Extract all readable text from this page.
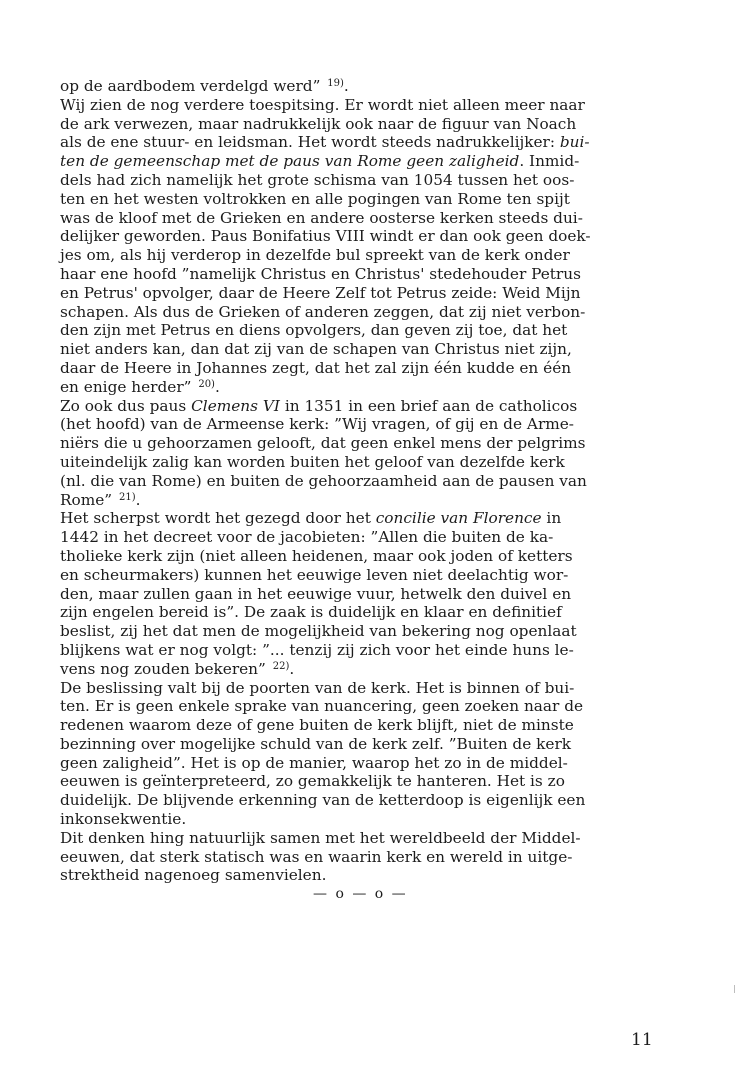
op de aardbodem verdelgd werd” $^{19)}$.
Wij zien de nog verdere toespitsing. Er wordt niet alleen meer naar
de ark verwezen, maar nadrukkelijk ook naar de figuur van Noach
als de ene stuur- en leidsman. Het wordt steeds nadrukkelijker: bui-
ten de gemeenschap met de paus van Rome geen zaligheid. Inmid-
dels had zich namelijk het grote schisma van 1054 tussen het oos-
ten en het westen voltrokken en alle pogingen van Rome ten spijt
was de kloof met de Grieken en andere oosterse kerken steeds dui-
delijker geworden. Paus Bonifatius VIII windt er dan ook geen doek-
jes om, als hij verderop in dezelfde bul spreekt van de kerk onder
haar ene hoofd ”namelijk Christus en Christus' stedehouder Petrus
en Petrus' opvolger, daar de Heere Zelf tot Petrus zeide: Weid Mijn
schapen. Als dus de Grieken of anderen zeggen, dat zij niet verbon-
den zijn met Petrus en diens opvolgers, dan geven zij toe, dat het
niet anders kan, dan dat zij van de schapen van Christus niet zijn,
daar de Heere in Johannes zegt, dat het zal zijn één kudde en één
en enige herder” $^{20)}$.
Zo ook dus paus Clemens VI in 1351 in een brief aan de catholicos
(het hoofd) van de Armeense kerk: ”Wij vragen, of gij en de Arme-
niërs die u gehoorzamen gelooft, dat geen enkel mens der pelgrims
uiteindelijk zalig kan worden buiten het geloof van dezelfde kerk
(nl. die van Rome) en buiten de gehoorzaamheid aan de pausen van
Rome” $^{21)}$.
Het scherpst wordt het gezegd door het concilie van Florence in
1442 in het decreet voor de jacobieten: ”Allen die buiten de ka-
tholieke kerk zijn (niet alleen heidenen, maar ook joden of ketters
en scheurmakers) kunnen het eeuwige leven niet deelachtig wor-
den, maar zullen gaan in het eeuwige vuur, hetwelk den duivel en
zijn engelen bereid is”. De zaak is duidelijk en klaar en definitief
beslist, zij het dat men de mogelijkheid van bekering nog openlaat
blijkens wat er nog volgt: ”... tenzij zij zich voor het einde huns le-
vens nog zouden bekeren” $^{22)}$.
De beslissing valt bij de poorten van de kerk. Het is binnen of bui-
ten. Er is geen enkele sprake van nuancering, geen zoeken naar de
redenen waarom deze of gene buiten de kerk blijft, niet de minste
bezinning over mogelijke schuld van de kerk zelf. ”Buiten de kerk
geen zaligheid”. Het is op de manier, waarop het zo in de middel-
eeuwen is geïnterpreteerd, zo gemakkelijk te hanteren. Het is zo
duidelijk. De blijvende erkenning van de ketterdoop is eigenlijk een
inkonsekwentie.
Dit denken hing natuurlijk samen met het wereldbeeld der Middel-
eeuwen, dat sterk statisch was en waarin kerk en wereld in uitge-
strektheid nagenoeg samenvielen.
— o — o —
11
